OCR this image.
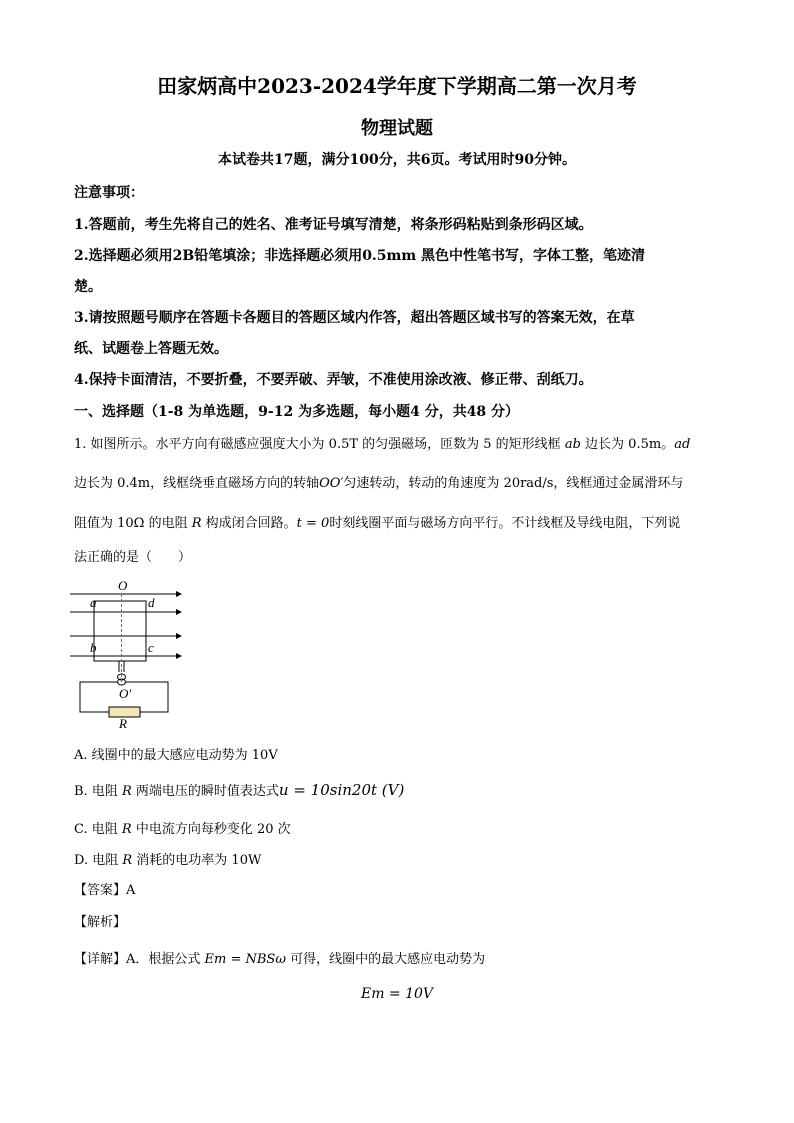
田家炳高中2023-2024学年度下学期高二第一次月考
物理试题
本试卷共17题，满分100分，共6页。考试用时90分钟。
注意事项：
1.答题前，考生先将自己的姓名、准考证号填写清楚，将条形码粘贴到条形码区域。
2.选择题必须用2B铅笔填涂；非选择题必须用0.5mm 黑色中性笔书写，字体工整，笔迹清
楚。
3.请按照题号顺序在答题卡各题目的答题区域内作答，超出答题区域书写的答案无效，在草
纸、试题卷上答题无效。
4.保持卡面清洁，不要折叠，不要弄破、弄皱，不准使用涂改液、修正带、刮纸刀。
一、选择题（1-8 为单选题，9-12 为多选题，每小题4 分，共48 分）
1. 如图所示。水平方向有磁感应强度大小为 0.5T 的匀强磁场，匝数为 5 的矩形线框 ab 边长为 0.5m。ad
边长为 0.4m，线框绕垂直磁场方向的转轴OO′匀速转动，转动的角速度为 20rad/s，线框通过金属滑环与
阻值为 10Ω 的电阻 R 构成闭合回路。t = 0时刻线圈平面与磁场方向平行。不计线框及导线电阻，下列说
法正确的是（　　）
O
a	d
b	c
O′
R
A. 线圈中的最大感应电动势为 10V
B. 电阻 R 两端电压的瞬时值表达式u = 10sin20t (V)
C. 电阻 R 中电流方向每秒变化 20 次
D. 电阻 R 消耗的电功率为 10W
【答案】A
【解析】
【详解】A．根据公式 Em = NBSω 可得，线圈中的最大感应电动势为
Em = 10V
